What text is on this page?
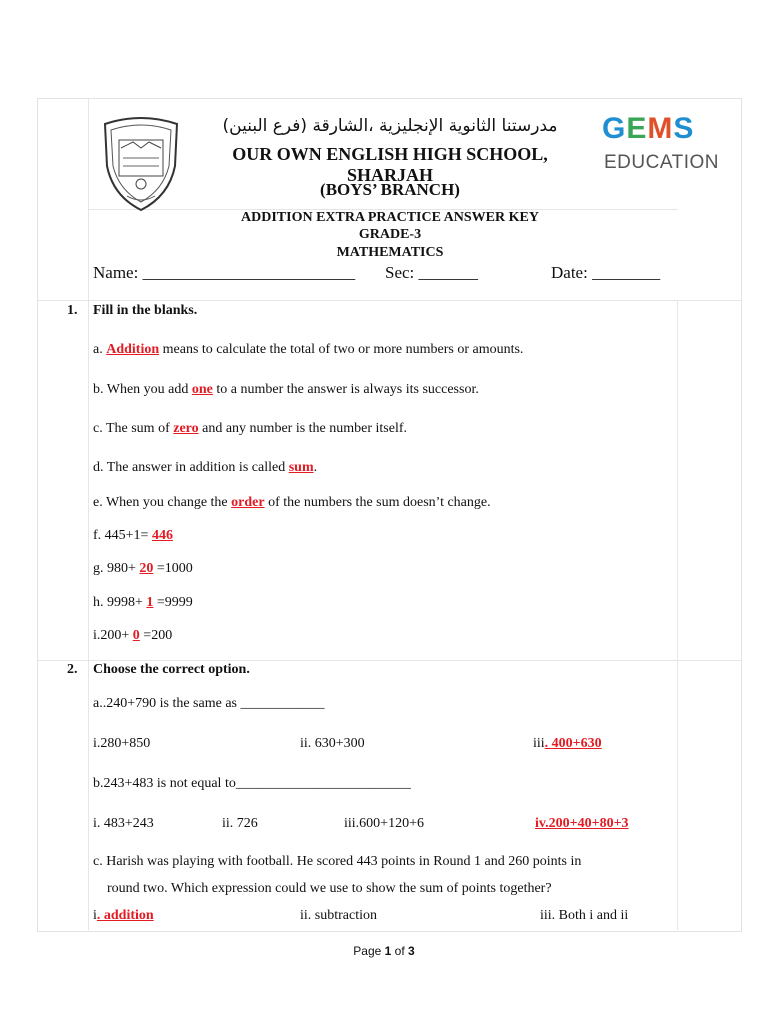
GEMS
EDUCATION
مدرستنا الثانوية الإنجليزية ،الشارقة (فرع البنين)
OUR OWN ENGLISH HIGH SCHOOL, SHARJAH
(BOYS’ BRANCH)
ADDITION EXTRA PRACTICE ANSWER KEY
GRADE-3
MATHEMATICS
Name: _________________________ Sec: _______	Date: ________
1. Fill in the blanks.
a. Addition means to calculate the total of two or more numbers or amounts.
b. When you add one to a number the answer is always its successor.
c. The sum of zero and any number is the number itself.
d. The answer in addition is called sum.
e. When you change the order of the numbers the sum doesn’t change.
f. 445+1= 446
g. 980+ 20 =1000
h. 9998+ 1 =9999
i.200+ 0 =200
2. Choose the correct option.
a..240+790 is the same as ____________
i.280+850	ii. 630+300	iii. 400+630
b.243+483 is not equal to_________________________
i. 483+243	ii. 726	iii.600+120+6	iv.200+40+80+3
c. Harish was playing with football. He scored 443 points in Round 1 and 260 points in
round two. Which expression could we use to show the sum of points together?
i. addition	ii. subtraction	iii. Both i and ii
Page 1 of 3
